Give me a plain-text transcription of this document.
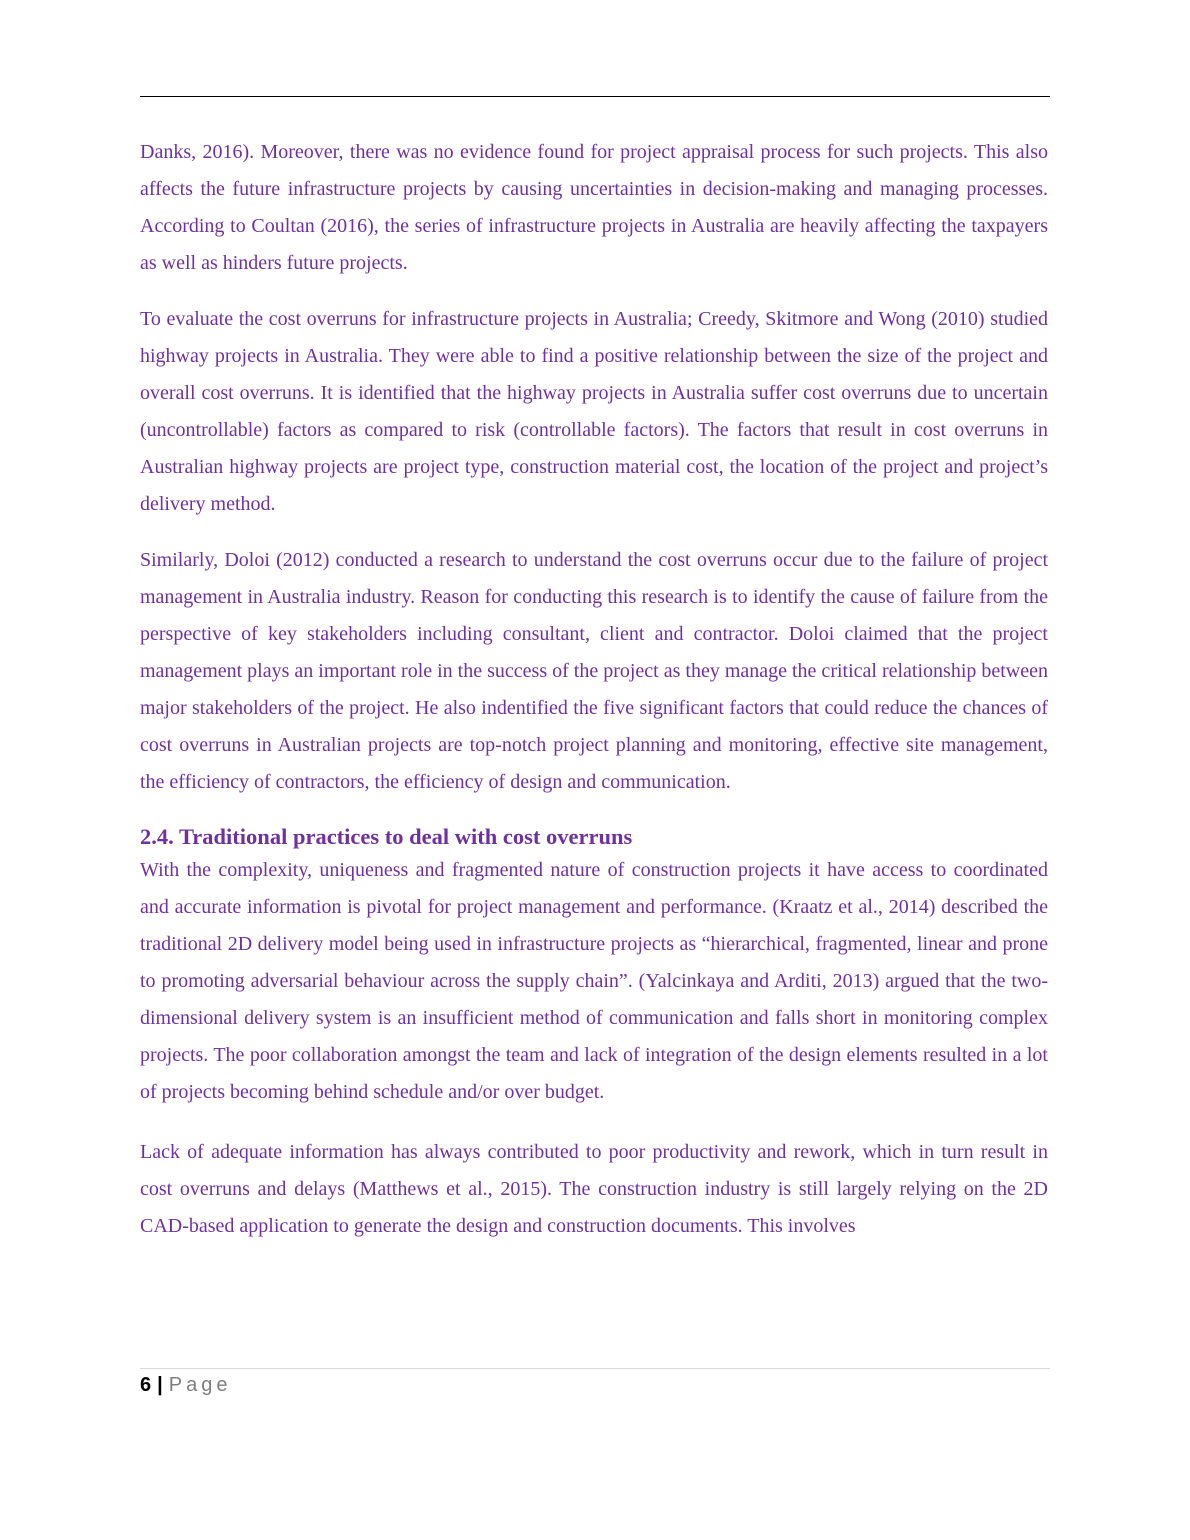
Danks, 2016). Moreover, there was no evidence found for project appraisal process for such projects. This also affects the future infrastructure projects by causing uncertainties in decision-making and managing processes. According to Coultan (2016), the series of infrastructure projects in Australia are heavily affecting the taxpayers as well as hinders future projects.

To evaluate the cost overruns for infrastructure projects in Australia; Creedy, Skitmore and Wong (2010) studied highway projects in Australia. They were able to find a positive relationship between the size of the project and overall cost overruns. It is identified that the highway projects in Australia suffer cost overruns due to uncertain (uncontrollable) factors as compared to risk (controllable factors). The factors that result in cost overruns in Australian highway projects are project type, construction material cost, the location of the project and project’s delivery method.

Similarly, Doloi (2012) conducted a research to understand the cost overruns occur due to the failure of project management in Australia industry. Reason for conducting this research is to identify the cause of failure from the perspective of key stakeholders including consultant, client and contractor. Doloi claimed that the project management plays an important role in the success of the project as they manage the critical relationship between major stakeholders of the project. He also indentified the five significant factors that could reduce the chances of cost overruns in Australian projects are top-notch project planning and monitoring, effective site management, the efficiency of contractors, the efficiency of design and communication.

2.4. Traditional practices to deal with cost overruns

With the complexity, uniqueness and fragmented nature of construction projects it have access to coordinated and accurate information is pivotal for project management and performance. (Kraatz et al., 2014) described the traditional 2D delivery model being used in infrastructure projects as “hierarchical, fragmented, linear and prone to promoting adversarial behaviour across the supply chain”. (Yalcinkaya and Arditi, 2013) argued that the two-dimensional delivery system is an insufficient method of communication and falls short in monitoring complex projects. The poor collaboration amongst the team and lack of integration of the design elements resulted in a lot of projects becoming behind schedule and/or over budget.

Lack of adequate information has always contributed to poor productivity and rework, which in turn result in cost overruns and delays (Matthews et al., 2015). The construction industry is still largely relying on the 2D CAD-based application to generate the design and construction documents. This involves

6 | Page
